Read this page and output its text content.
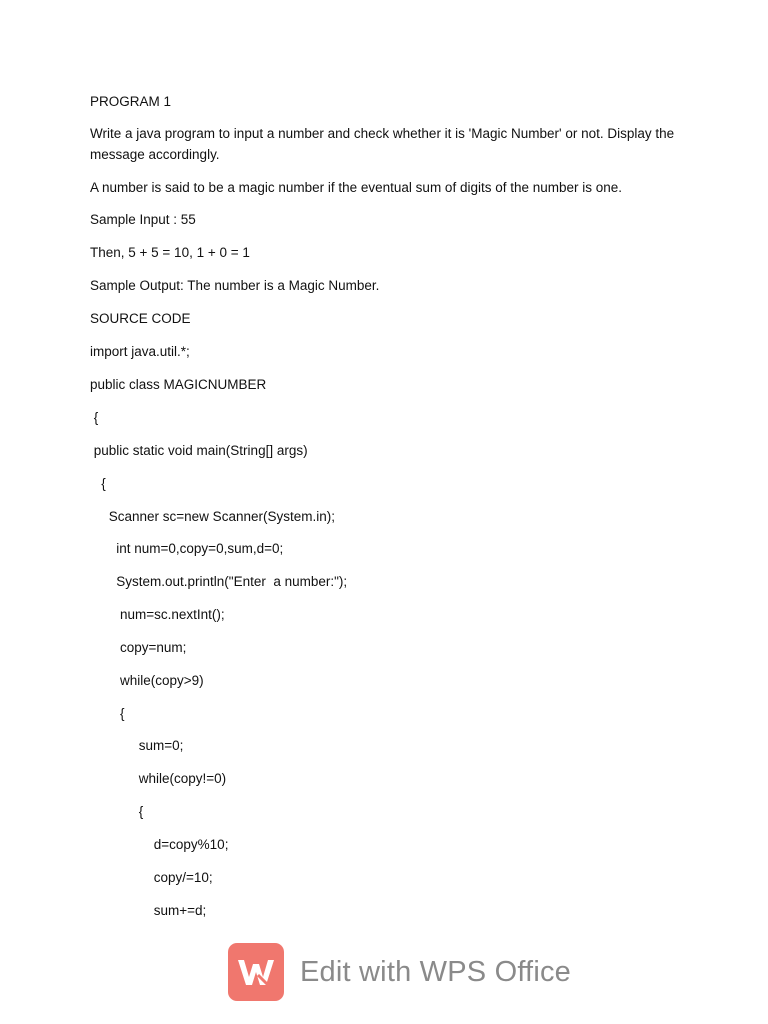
PROGRAM 1
Write a java program to input a number and check whether it is 'Magic Number' or not. Display the message accordingly.
A number is said to be a magic number if the eventual sum of digits of the number is one.
Sample Input : 55
Then, 5 + 5 = 10, 1 + 0 = 1
Sample Output: The number is a Magic Number.
SOURCE CODE
import java.util.*;
public class MAGICNUMBER
{
public static void main(String[] args)
{
Scanner sc=new Scanner(System.in);
int num=0,copy=0,sum,d=0;
System.out.println("Enter  a number:");
num=sc.nextInt();
copy=num;
while(copy>9)
{
sum=0;
while(copy!=0)
{
d=copy%10;
copy/=10;
sum+=d;
Edit with WPS Office
